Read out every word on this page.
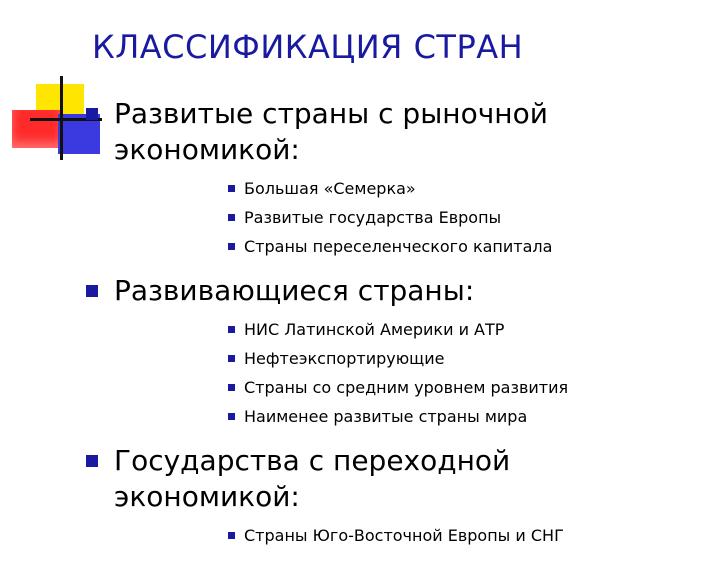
КЛАССИФИКАЦИЯ СТРАН
Развитые страны с рыночной экономикой:
Большая «Семерка»
Развитые государства Европы
Страны переселенческого капитала
Развивающиеся страны:
НИС Латинской Америки и АТР
Нефтеэкспортирующие
Страны со средним уровнем развития
Наименее развитые страны мира
Государства с переходной экономикой:
Страны Юго-Восточной Европы и СНГ
